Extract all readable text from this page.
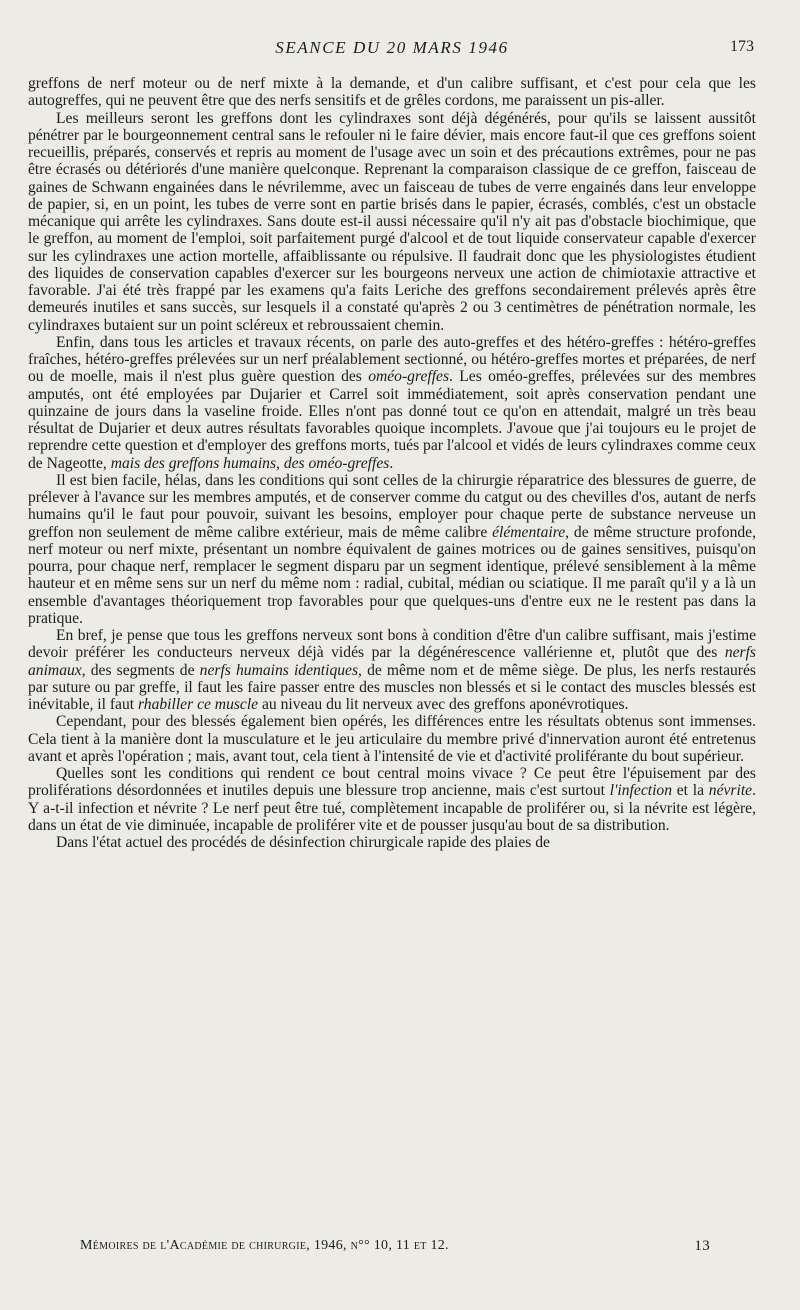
SEANCE DU 20 MARS 1946	173

greffons de nerf moteur ou de nerf mixte à la demande, et d'un calibre suffisant, et c'est pour cela que les autogreffes, qui ne peuvent être que des nerfs sensitifs et de grêles cordons, me paraissent un pis-aller.

Les meilleurs seront les greffons dont les cylindraxes sont déjà dégénérés, pour qu'ils se laissent aussitôt pénétrer par le bourgeonnement central sans le refouler ni le faire dévier, mais encore faut-il que ces greffons soient recueillis, préparés, conservés et repris au moment de l'usage avec un soin et des précautions extrêmes, pour ne pas être écrasés ou détériorés d'une manière quelconque. Reprenant la comparaison classique de ce greffon, faisceau de gaines de Schwann engainées dans le névrilemme, avec un faisceau de tubes de verre engainés dans leur enveloppe de papier, si, en un point, les tubes de verre sont en partie brisés dans le papier, écrasés, comblés, c'est un obstacle mécanique qui arrête les cylindraxes. Sans doute est-il aussi nécessaire qu'il n'y ait pas d'obstacle biochimique, que le greffon, au moment de l'emploi, soit parfaitement purgé d'alcool et de tout liquide conservateur capable d'exercer sur les cylindraxes une action mortelle, affaiblissante ou répulsive. Il faudrait donc que les physiologistes étudient des liquides de conservation capables d'exercer sur les bourgeons nerveux une action de chimiotaxie attractive et favorable. J'ai été très frappé par les examens qu'a faits Leriche des greffons secondairement prélevés après être demeurés inutiles et sans succès, sur lesquels il a constaté qu'après 2 ou 3 centimètres de pénétration normale, les cylindraxes butaient sur un point scléreux et rebroussaient chemin.

Enfin, dans tous les articles et travaux récents, on parle des auto-greffes et des hétéro-greffes : hétéro-greffes fraîches, hétéro-greffes prélevées sur un nerf préalablement sectionné, ou hétéro-greffes mortes et préparées, de nerf ou de moelle, mais il n'est plus guère question des oméo-greffes. Les oméo-greffes, prélevées sur des membres amputés, ont été employées par Dujarier et Carrel soit immédiatement, soit après conservation pendant une quinzaine de jours dans la vaseline froide. Elles n'ont pas donné tout ce qu'on en attendait, malgré un très beau résultat de Dujarier et deux autres résultats favorables quoique incomplets. J'avoue que j'ai toujours eu le projet de reprendre cette question et d'employer des greffons morts, tués par l'alcool et vidés de leurs cylindraxes comme ceux de Nageotte, mais des greffons humains, des oméo-greffes.

Il est bien facile, hélas, dans les conditions qui sont celles de la chirurgie réparatrice des blessures de guerre, de prélever à l'avance sur les membres amputés, et de conserver comme du catgut ou des chevilles d'os, autant de nerfs humains qu'il le faut pour pouvoir, suivant les besoins, employer pour chaque perte de substance nerveuse un greffon non seulement de même calibre extérieur, mais de même calibre élémentaire, de même structure profonde, nerf moteur ou nerf mixte, présentant un nombre équivalent de gaines motrices ou de gaines sensitives, puisqu'on pourra, pour chaque nerf, remplacer le segment disparu par un segment identique, prélevé sensiblement à la même hauteur et en même sens sur un nerf du même nom : radial, cubital, médian ou sciatique. Il me paraît qu'il y a là un ensemble d'avantages théoriquement trop favorables pour que quelques-uns d'entre eux ne le restent pas dans la pratique.

En bref, je pense que tous les greffons nerveux sont bons à condition d'être d'un calibre suffisant, mais j'estime devoir préférer les conducteurs nerveux déjà vidés par la dégénérescence vallérienne et, plutôt que des nerfs animaux, des segments de nerfs humains identiques, de même nom et de même siège. De plus, les nerfs restaurés par suture ou par greffe, il faut les faire passer entre des muscles non blessés et si le contact des muscles blessés est inévitable, il faut rhabiller ce muscle au niveau du lit nerveux avec des greffons aponévrotiques.

Cependant, pour des blessés également bien opérés, les différences entre les résultats obtenus sont immenses. Cela tient à la manière dont la musculature et le jeu articulaire du membre privé d'innervation auront été entretenus avant et après l'opération ; mais, avant tout, cela tient à l'intensité de vie et d'activité proliférante du bout supérieur.

Quelles sont les conditions qui rendent ce bout central moins vivace ? Ce peut être l'épuisement par des proliférations désordonnées et inutiles depuis une blessure trop ancienne, mais c'est surtout l'infection et la névrite. Y a-t-il infection et névrite ? Le nerf peut être tué, complètement incapable de proliférer ou, si la névrite est légère, dans un état de vie diminuée, incapable de proliférer vite et de pousser jusqu'au bout de sa distribution.

Dans l'état actuel des procédés de désinfection chirurgicale rapide des plaies de

Mémoires de l'Académie de chirurgie, 1946, n°° 10, 11 et 12.	13
